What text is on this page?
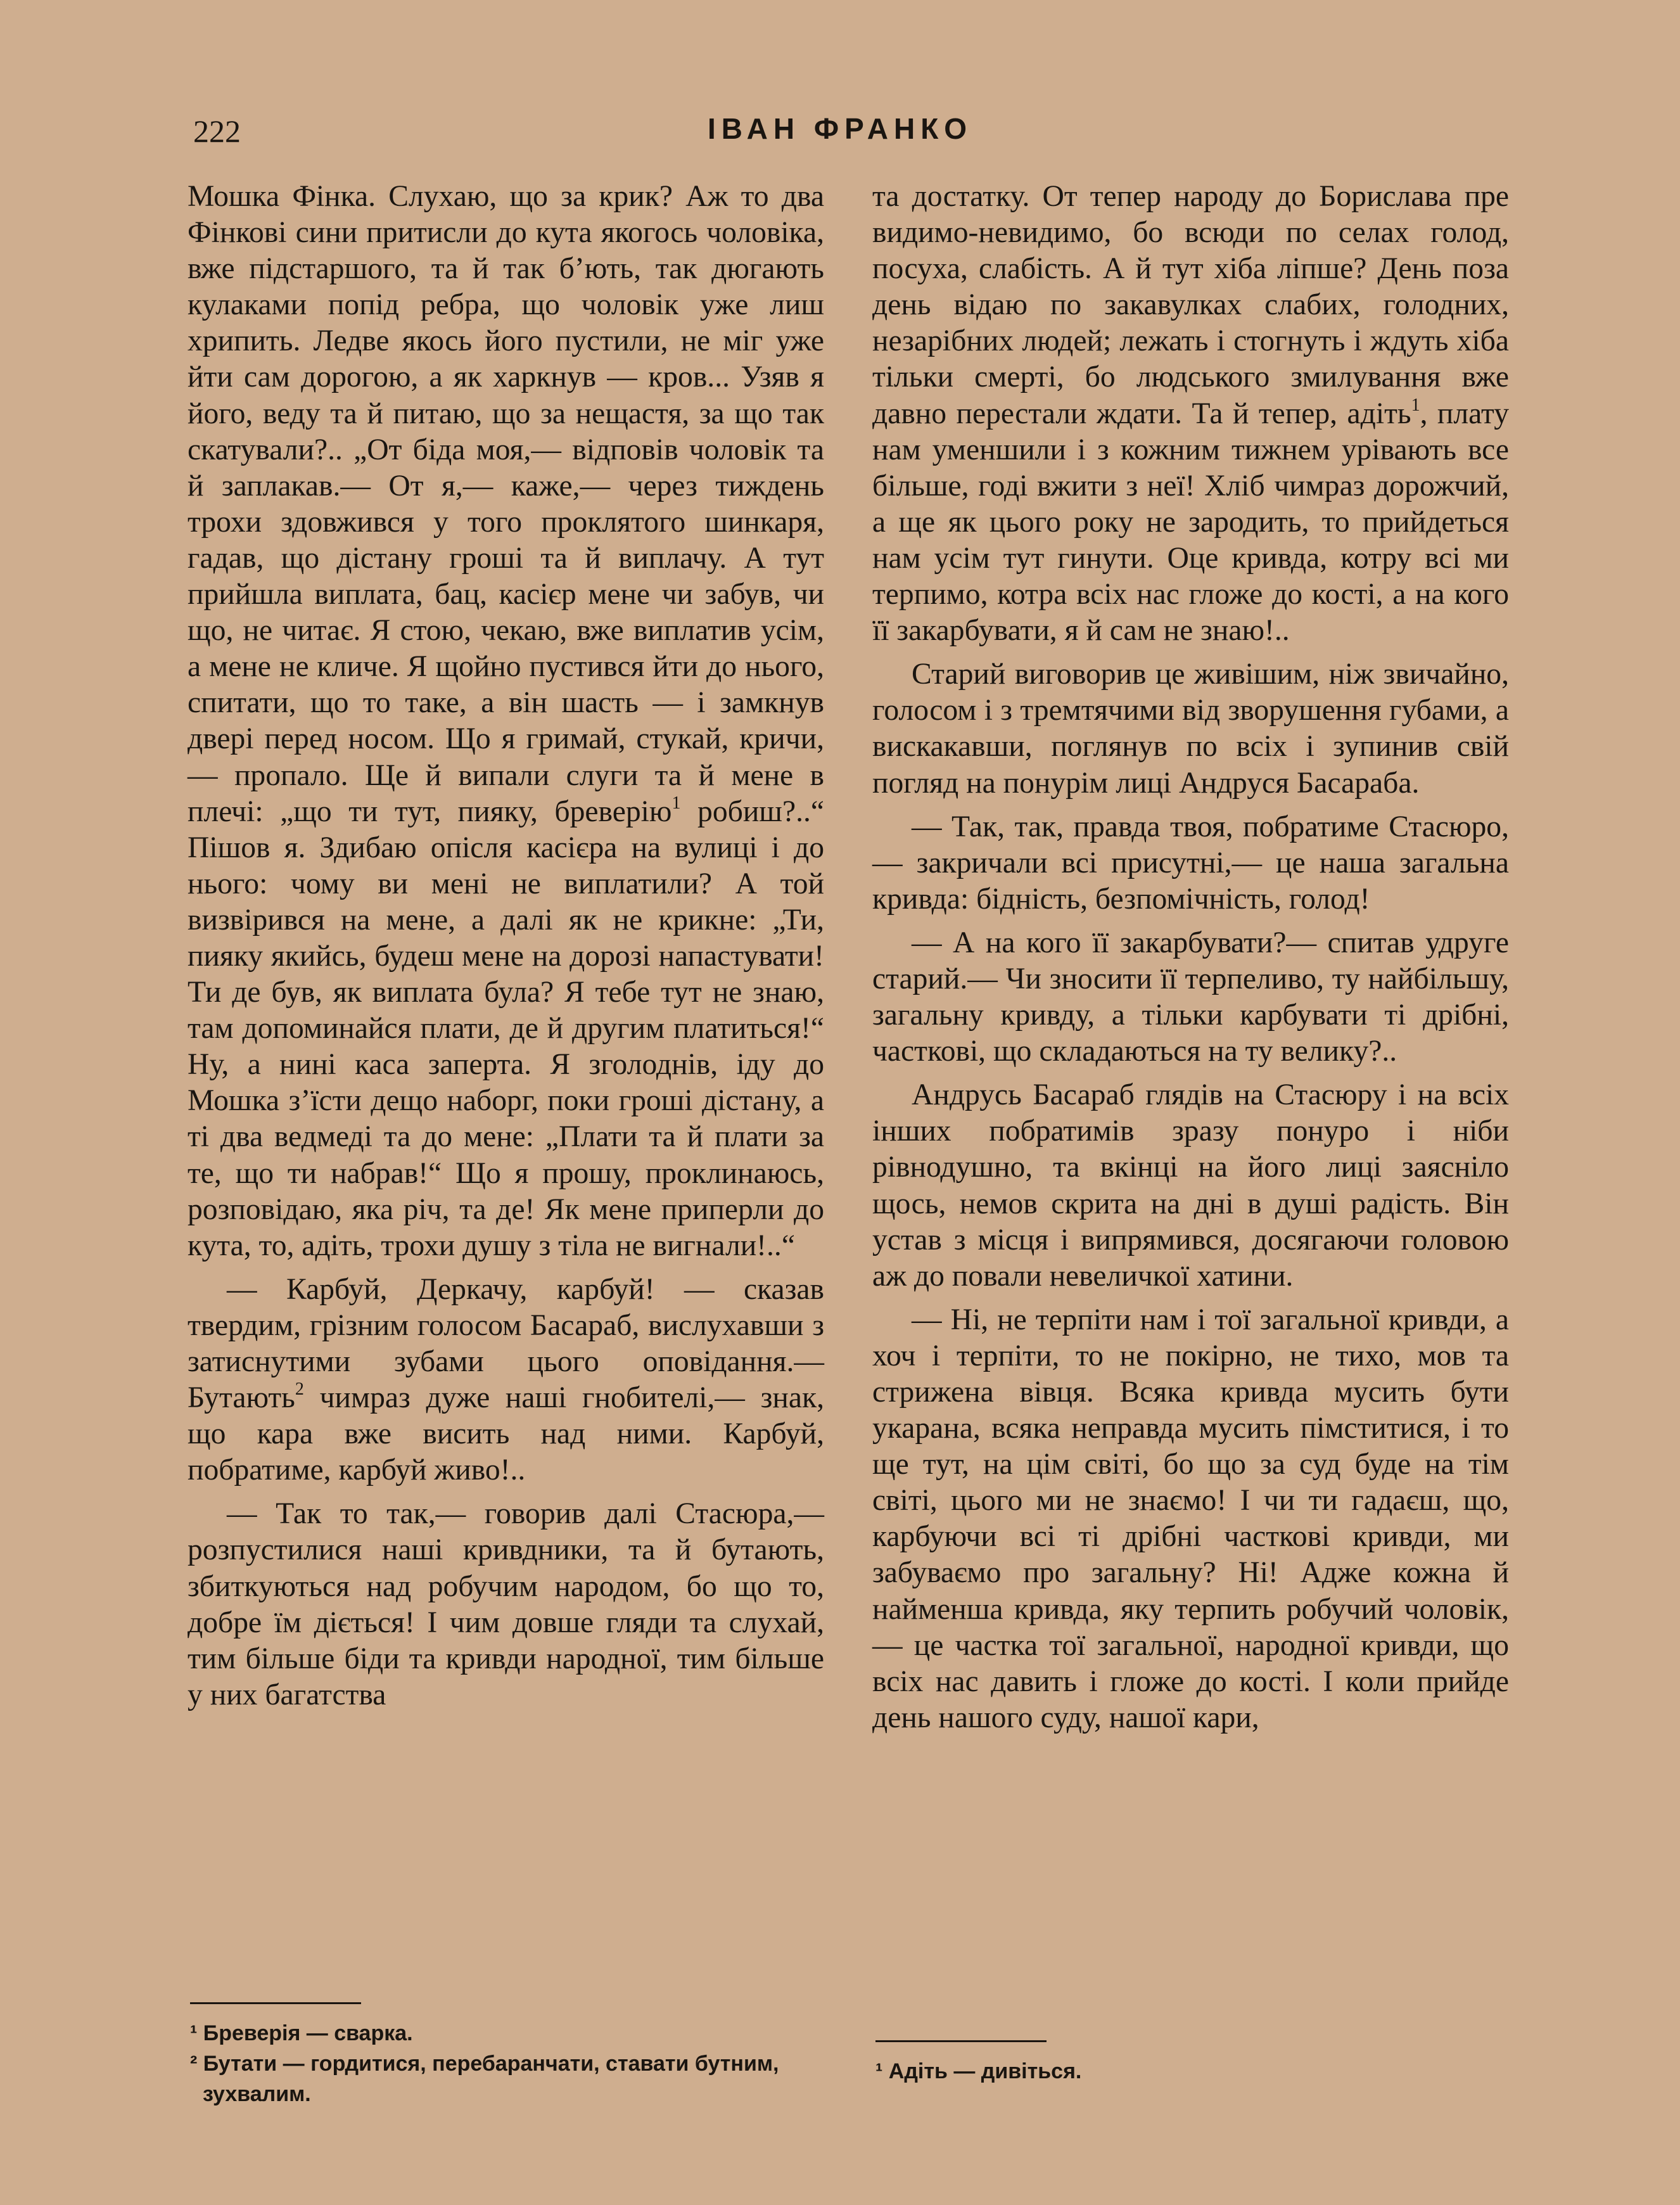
222	ІВАН ФРАНКО

Мошка Фінка. Слухаю, що за крик? Аж то два Фінкові сини притисли до кута якогось чоловіка, вже підстаршого, та й так б’ють, так дюгають кулаками попід ребра, що чоловік уже лиш хрипить. Ледве якось його пустили, не міг уже йти сам дорогою, а як харкнув — кров... Узяв я його, веду та й питаю, що за нещастя, за що так скатували?.. „От біда моя,— відповів чоловік та й заплакав.— От я,— каже,— через тиждень трохи здовжився у того проклятого шинкаря, гадав, що дістану гроші та й виплачу. А тут прийшла виплата, бац, касієр мене чи забув, чи що, не читає. Я стою, чекаю, вже виплатив усім, а мене не кличе. Я щойно пустився йти до нього, спитати, що то таке, а він шасть — і замкнув двері перед носом. Що я гримай, стукай, кричи,— пропало. Ще й випали слуги та й мене в плечі: „що ти тут, пияку, бреверію$^1$ робиш?..“ Пішов я. Здибаю опісля касієра на вулиці і до нього: чому ви мені не виплатили? А той визвірився на мене, а далі як не крикне: „Ти, пияку якийсь, будеш мене на дорозі напастувати! Ти де був, як виплата була? Я тебе тут не знаю, там допоминайся плати, де й другим платиться!“ Ну, а нині каса заперта. Я зголоднів, іду до Мошка з’їсти дещо наборг, поки гроші дістану, а ті два ведмеді та до мене: „Плати та й плати за те, що ти набрав!“ Що я прошу, проклинаюсь, розповідаю, яка річ, та де! Як мене приперли до кута, то, адіть, трохи душу з тіла не вигнали!..“

— Карбуй, Деркачу, карбуй! — сказав твердим, грізним голосом Басараб, вислухавши з затиснутими зубами цього оповідання.— Бутають$^2$ чимраз дуже наші гнобителі,— знак, що кара вже висить над ними. Карбуй, побратиме, карбуй живо!..

— Так то так,— говорив далі Стасюра,— розпустилися наші кривдники, та й бутають, збиткуються над робучим народом, бо що то, добре їм діється! І чим довше гляди та слухай, тим більше біди та кривди народної, тим більше у них багатства

та достатку. От тепер народу до Борислава пре видимо-невидимо, бо всюди по селах голод, посуха, слабість. А й тут хіба ліпше? День поза день відаю по закавулках слабих, голодних, незарібних людей; лежать і стогнуть і ждуть хіба тільки смерті, бо людського змилування вже давно перестали ждати. Та й тепер, адіть$^1$, плату нам уменшили і з кожним тижнем урівають все більше, годі вжити з неї! Хліб чимраз дорожчий, а ще як цього року не зародить, то прийдеться нам усім тут гинути. Оце кривда, котру всі ми терпимо, котра всіх нас гложе до кості, а на кого її закарбувати, я й сам не знаю!..

Старий виговорив це живішим, ніж звичайно, голосом і з тремтячими від зворушення губами, а вискакавши, поглянув по всіх і зупинив свій погляд на понурім лиці Андруся Басараба.

— Так, так, правда твоя, побратиме Стасюро,— закричали всі присутні,— це наша загальна кривда: бідність, безпомічність, голод!

— А на кого її закарбувати?— спитав удруге старий.— Чи зносити її терпеливо, ту найбільшу, загальну кривду, а тільки карбувати ті дрібні, часткові, що складаються на ту велику?..

Андрусь Басараб глядів на Стасюру і на всіх інших побратимів зразу понуро і ніби рівнодушно, та вкінці на його лиці заясніло щось, немов скрита на дні в душі радість. Він устав з місця і випрямився, досягаючи головою аж до повали невеличкої хатини.

— Ні, не терпіти нам і тої загальної кривди, а хоч і терпіти, то не покірно, не тихо, мов та стрижена вівця. Всяка кривда мусить бути укарана, всяка неправда мусить пімститися, і то ще тут, на цім світі, бо що за суд буде на тім світі, цього ми не знаємо! І чи ти гадаєш, що, карбуючи всі ті дрібні часткові кривди, ми забуваємо про загальну? Ні! Адже кожна й найменша кривда, яку терпить робучий чоловік,— це частка тої загальної, народної кривди, що всіх нас давить і гложе до кості. І коли прийде день нашого суду, нашої кари,

¹ Бреверія — сварка.

² Бутати — гордитися, перебаранчати, ставати бутним, зухвалим.

¹ Адіть — дивіться.
